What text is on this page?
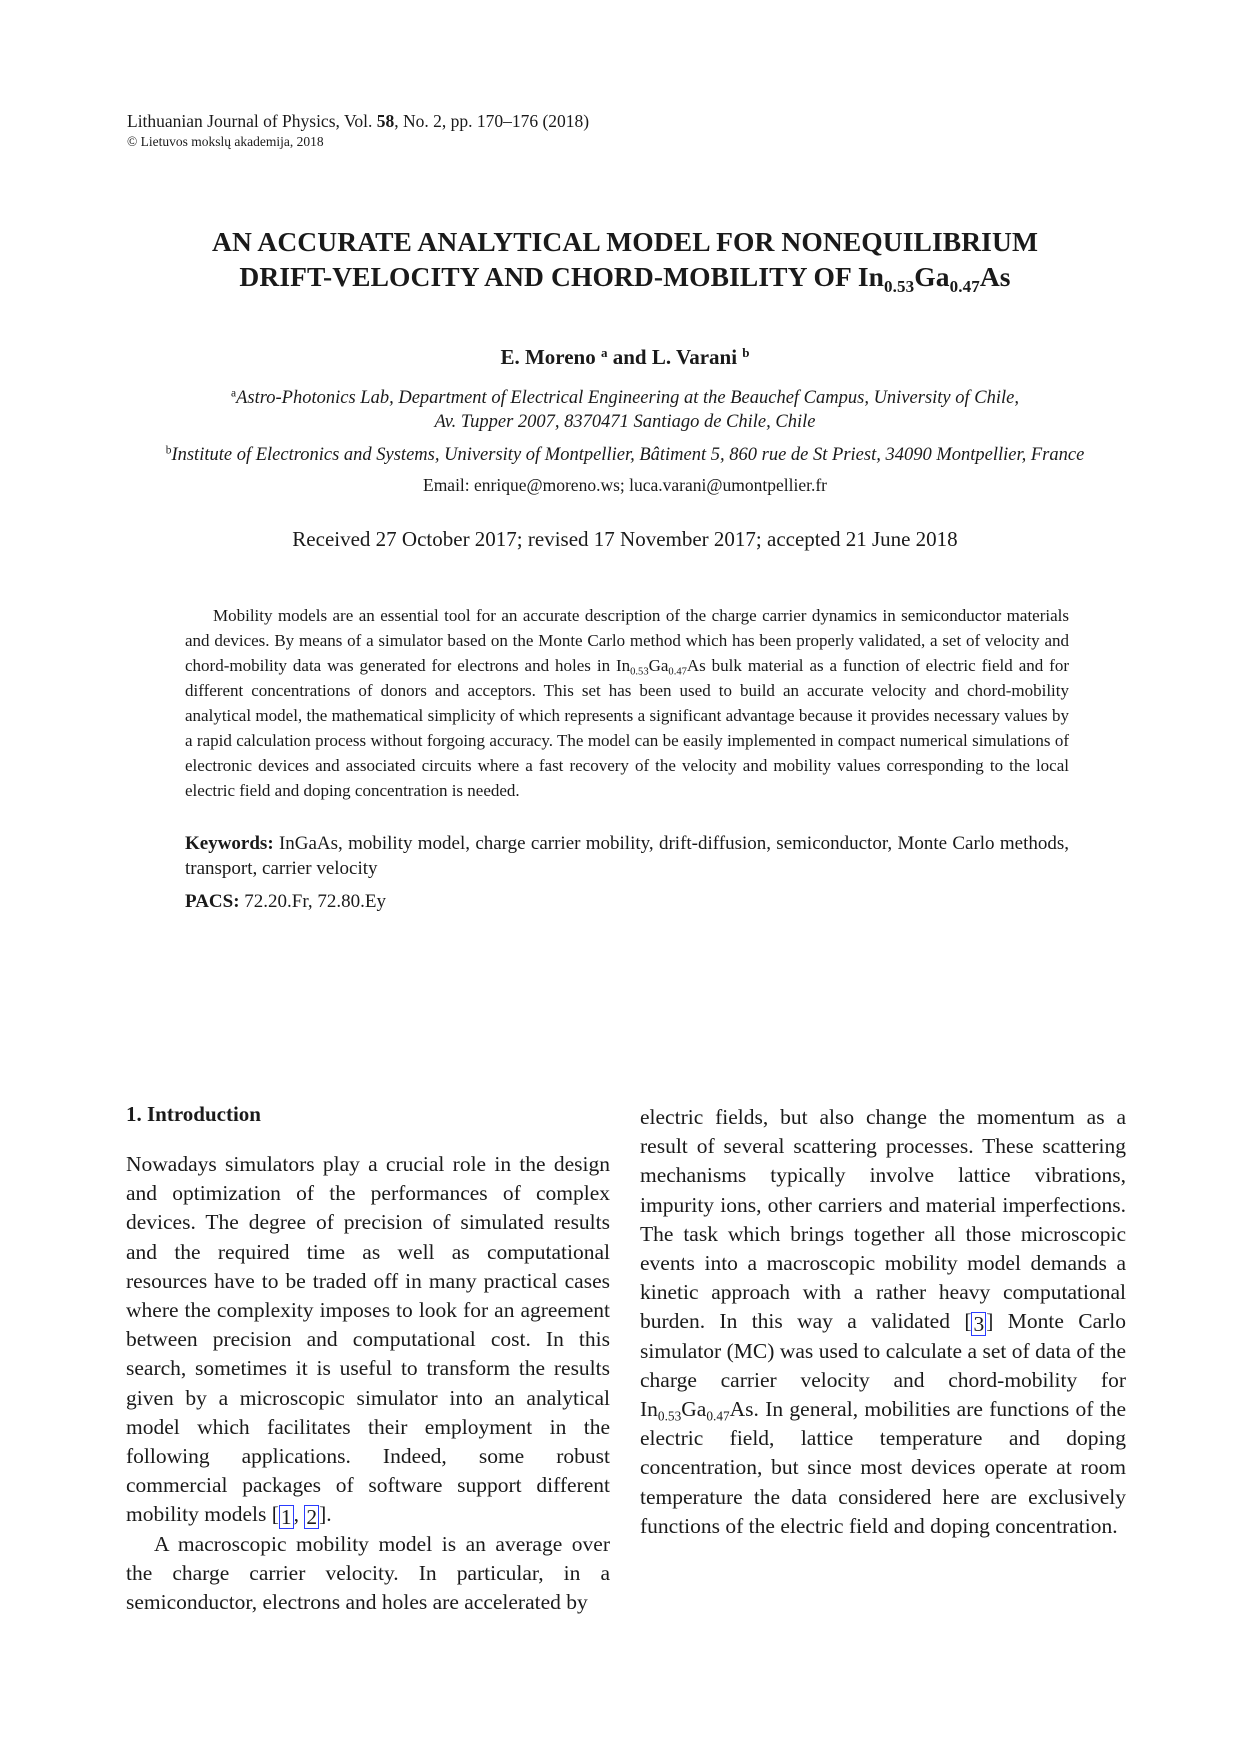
Lithuanian Journal of Physics, Vol. 58, No. 2, pp. 170–176 (2018)
© Lietuvos mokslų akademija, 2018
AN ACCURATE ANALYTICAL MODEL FOR NONEQUILIBRIUM
DRIFT-VELOCITY AND CHORD-MOBILITY OF $In_{0.53}Ga_{0.47}As$
E. Moreno $^a$ and L. Varani $^b$
$^a$Astro-Photonics Lab, Department of Electrical Engineering at the Beauchef Campus, University of Chile,
Av. Tupper 2007, 8370471 Santiago de Chile, Chile
$^b$Institute of Electronics and Systems, University of Montpellier, Bâtiment 5, 860 rue de St Priest, 34090 Montpellier, France
Email: enrique@moreno.ws; luca.varani@umontpellier.fr
Received 27 October 2017; revised 17 November 2017; accepted 21 June 2018
Mobility models are an essential tool for an accurate description of the charge carrier dynamics in semiconductor materials and devices. By means of a simulator based on the Monte Carlo method which has been properly validated, a set of velocity and chord-mobility data was generated for electrons and holes in $In_{0.53}Ga_{0.47}As$ bulk material as a function of electric field and for different concentrations of donors and acceptors. This set has been used to build an accurate velocity and chord-mobility analytical model, the mathematical simplicity of which represents a significant advantage because it provides necessary values by a rapid calculation process without forgoing accuracy. The model can be easily implemented in compact numerical simulations of electronic devices and associated circuits where a fast recovery of the velocity and mobility values corresponding to the local electric field and doping concentration is needed.
Keywords: InGaAs, mobility model, charge carrier mobility, drift-diffusion, semiconductor, Monte Carlo methods, transport, carrier velocity
PACS: 72.20.Fr, 72.80.Ey
1. Introduction

Nowadays simulators play a crucial role in the design and optimization of the performances of complex devices. The degree of precision of simulated results and the required time as well as computational resources have to be traded off in many practical cases where the complexity imposes to look for an agreement between precision and computational cost. In this search, sometimes it is useful to transform the results given by a microscopic simulator into an analytical model which facilitates their employment in the following applications. Indeed, some robust commercial packages of software support different mobility models [1, 2].

A macroscopic mobility model is an average over the charge carrier velocity. In particular, in a semiconductor, electrons and holes are accelerated by

electric fields, but also change the momentum as a result of several scattering processes. These scattering mechanisms typically involve lattice vibrations, impurity ions, other carriers and material imperfections. The task which brings together all those microscopic events into a macroscopic mobility model demands a kinetic approach with a rather heavy computational burden. In this way a validated [3] Monte Carlo simulator (MC) was used to calculate a set of data of the charge carrier velocity and chord-mobility for $In_{0.53}Ga_{0.47}As$. In general, mobilities are functions of the electric field, lattice temperature and doping concentration, but since most devices operate at room temperature the data considered here are exclusively functions of the electric field and doping concentration.
